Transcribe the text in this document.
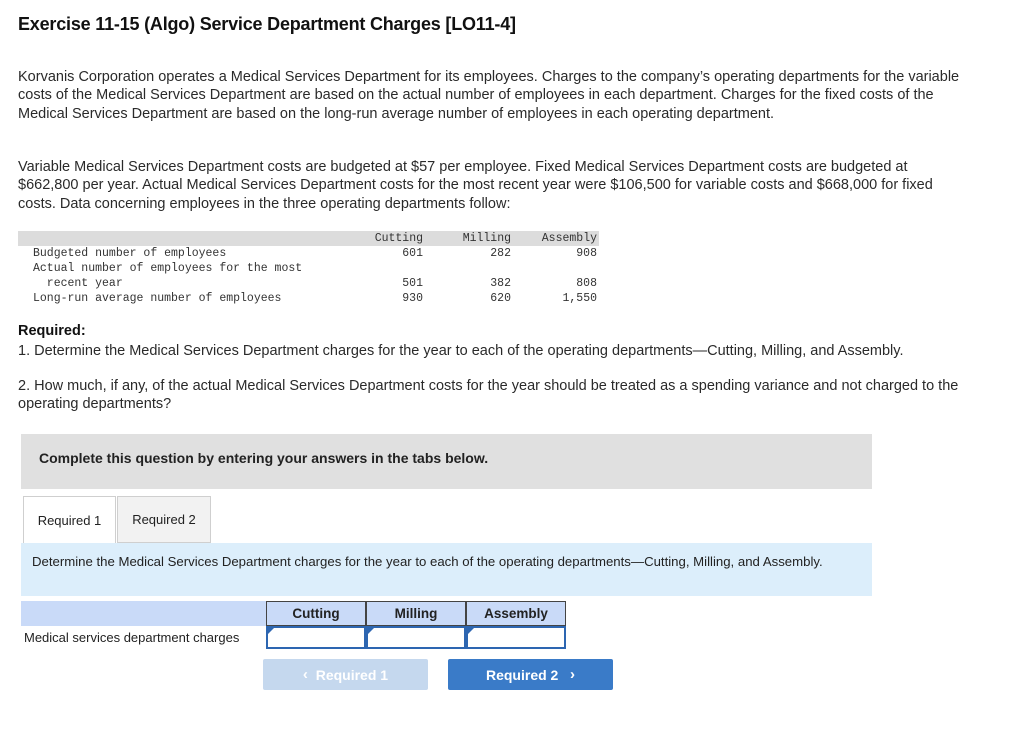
Exercise 11-15 (Algo) Service Department Charges [LO11-4]
Korvanis Corporation operates a Medical Services Department for its employees. Charges to the company’s operating departments for the variable costs of the Medical Services Department are based on the actual number of employees in each department. Charges for the fixed costs of the Medical Services Department are based on the long-run average number of employees in each operating department.
Variable Medical Services Department costs are budgeted at $57 per employee. Fixed Medical Services Department costs are budgeted at $662,800 per year. Actual Medical Services Department costs for the most recent year were $106,500 for variable costs and $668,000 for fixed costs. Data concerning employees in the three operating departments follow:
	Cutting	Milling	Assembly
Budgeted number of employees	601	282	908
Actual number of employees for the most			
recent year	501	382	808
Long-run average number of employees	930	620	1,550
Required:
1. Determine the Medical Services Department charges for the year to each of the operating departments—Cutting, Milling, and Assembly.
2. How much, if any, of the actual Medical Services Department costs for the year should be treated as a spending variance and not charged to the operating departments?
Complete this question by entering your answers in the tabs below.
Required 1	Required 2
Determine the Medical Services Department charges for the year to each of the operating departments—Cutting, Milling, and Assembly.
Cutting	Milling	Assembly
Medical services department charges
‹
Required 1	Required 2
›
